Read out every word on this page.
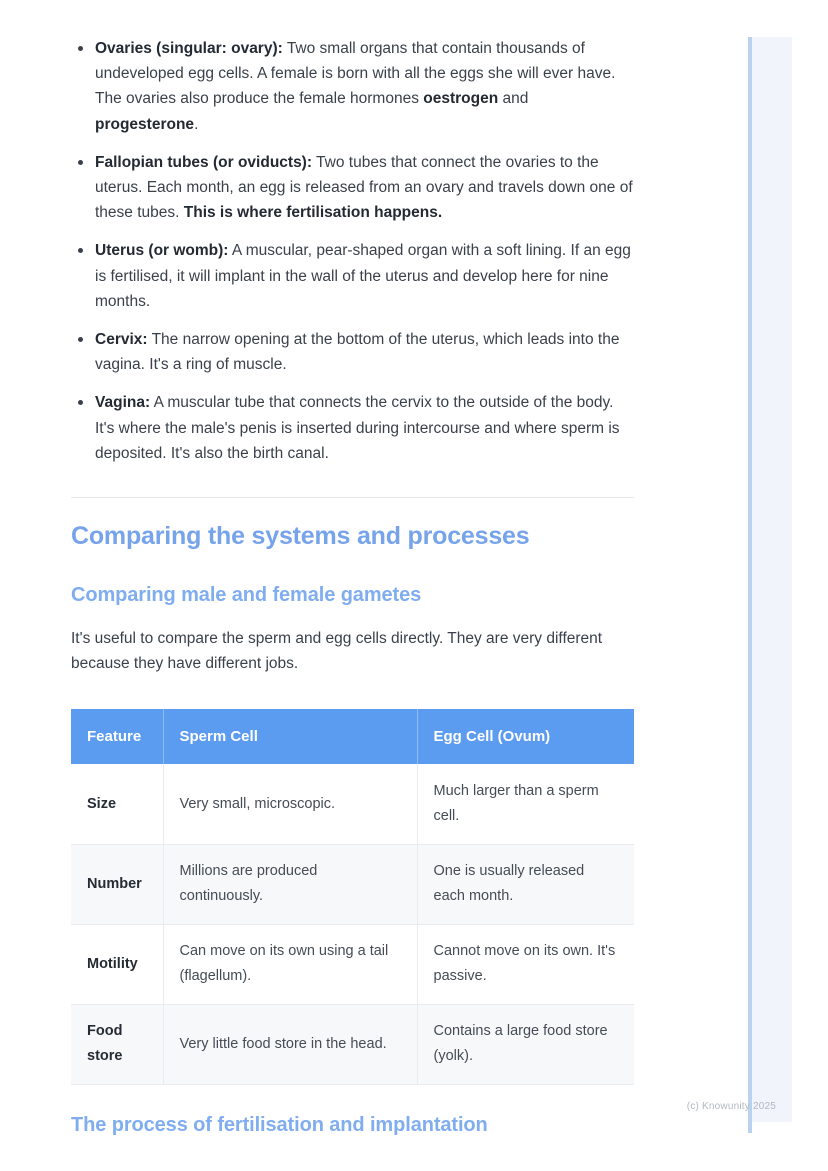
Ovaries (singular: ovary): Two small organs that contain thousands of undeveloped egg cells. A female is born with all the eggs she will ever have. The ovaries also produce the female hormones oestrogen and progesterone.
Fallopian tubes (or oviducts): Two tubes that connect the ovaries to the uterus. Each month, an egg is released from an ovary and travels down one of these tubes. This is where fertilisation happens.
Uterus (or womb): A muscular, pear-shaped organ with a soft lining. If an egg is fertilised, it will implant in the wall of the uterus and develop here for nine months.
Cervix: The narrow opening at the bottom of the uterus, which leads into the vagina. It's a ring of muscle.
Vagina: A muscular tube that connects the cervix to the outside of the body. It's where the male's penis is inserted during intercourse and where sperm is deposited. It's also the birth canal.
Comparing the systems and processes
Comparing male and female gametes

It's useful to compare the sperm and egg cells directly. They are very different because they have different jobs.

Feature	Sperm Cell	Egg Cell (Ovum)
Size	Very small, microscopic.	Much larger than a sperm cell.
Number	Millions are produced continuously.	One is usually released each month.
Motility	Can move on its own using a tail (flagellum).	Cannot move on its own. It's passive.
Food store	Very little food store in the head.	Contains a large food store (yolk).
The process of fertilisation and implantation
(c) Knowunity 2025
